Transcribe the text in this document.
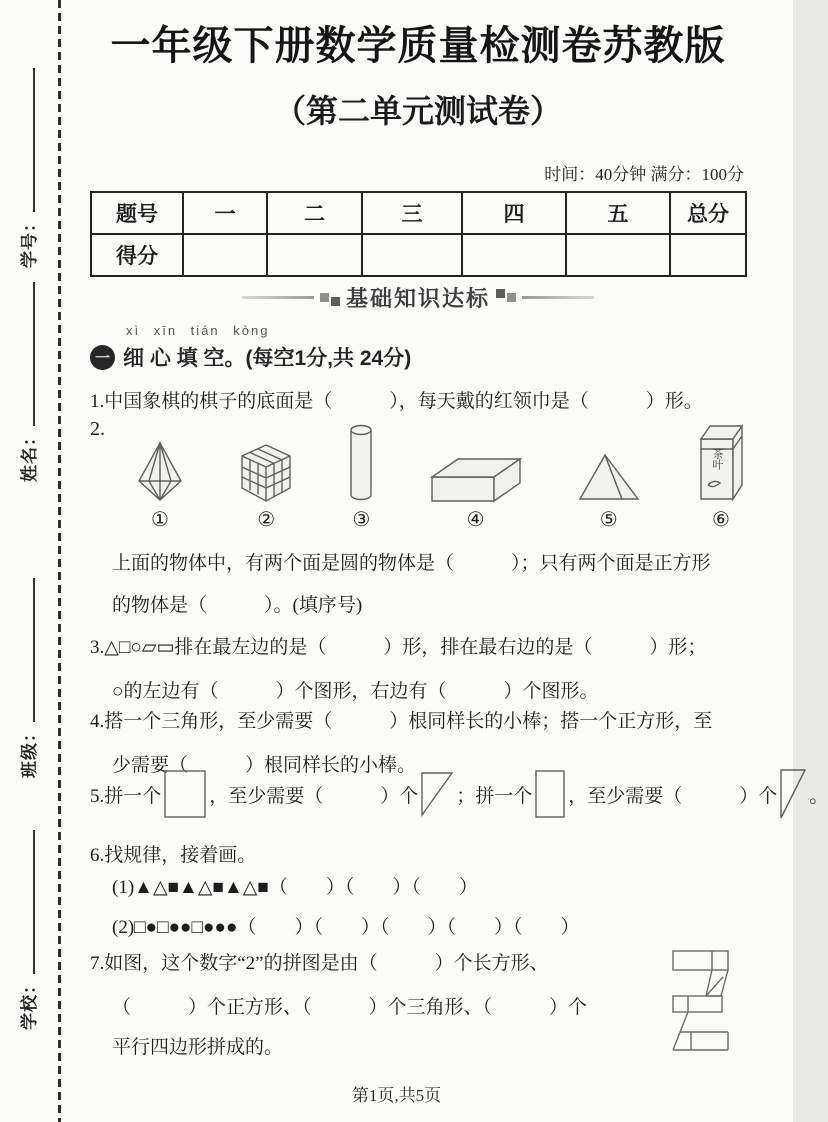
学号：
姓名：
班级：
学校：
一年级下册数学质量检测卷苏教版
（第二单元测试卷）
时间：40分钟 满分：100分
题号	一	二	三	四	五	总分
得分						
基础知识达标
xì xīn tián kòng
一 细 心 填 空。(每空1分,共 24分)
1.中国象棋的棋子的底面是（　　　），每天戴的红领巾是（　　　）形。
2.
①	②	③	④	⑤
茶叶
⑥
上面的物体中，有两个面是圆的物体是（　　　）；只有两个面是正方形
的物体是（　　　）。(填序号)
3.△□○▱▭排在最左边的是（　　　）形，排在最右边的是（　　　）形；
○的左边有（　　　）个图形，右边有（　　　）个图形。
4.搭一个三角形，至少需要（　　　）根同样长的小棒；搭一个正方形，至
少需要（　　　）根同样长的小棒。
5.拼一个	，至少需要（　　　）个 ；拼一个 ，至少需要（　　　）个 。
6.找规律，接着画。
(1)▲△■▲△■▲△■（　　）（　　）（　　）
(2)□●□●●□●●●（　　）（　　）（　　）（　　）（　　）
7.如图，这个数字“2”的拼图是由（　　　）个长方形、
（　　　）个正方形、（　　　）个三角形、（　　　）个
平行四边形拼成的。
第1页,共5页
